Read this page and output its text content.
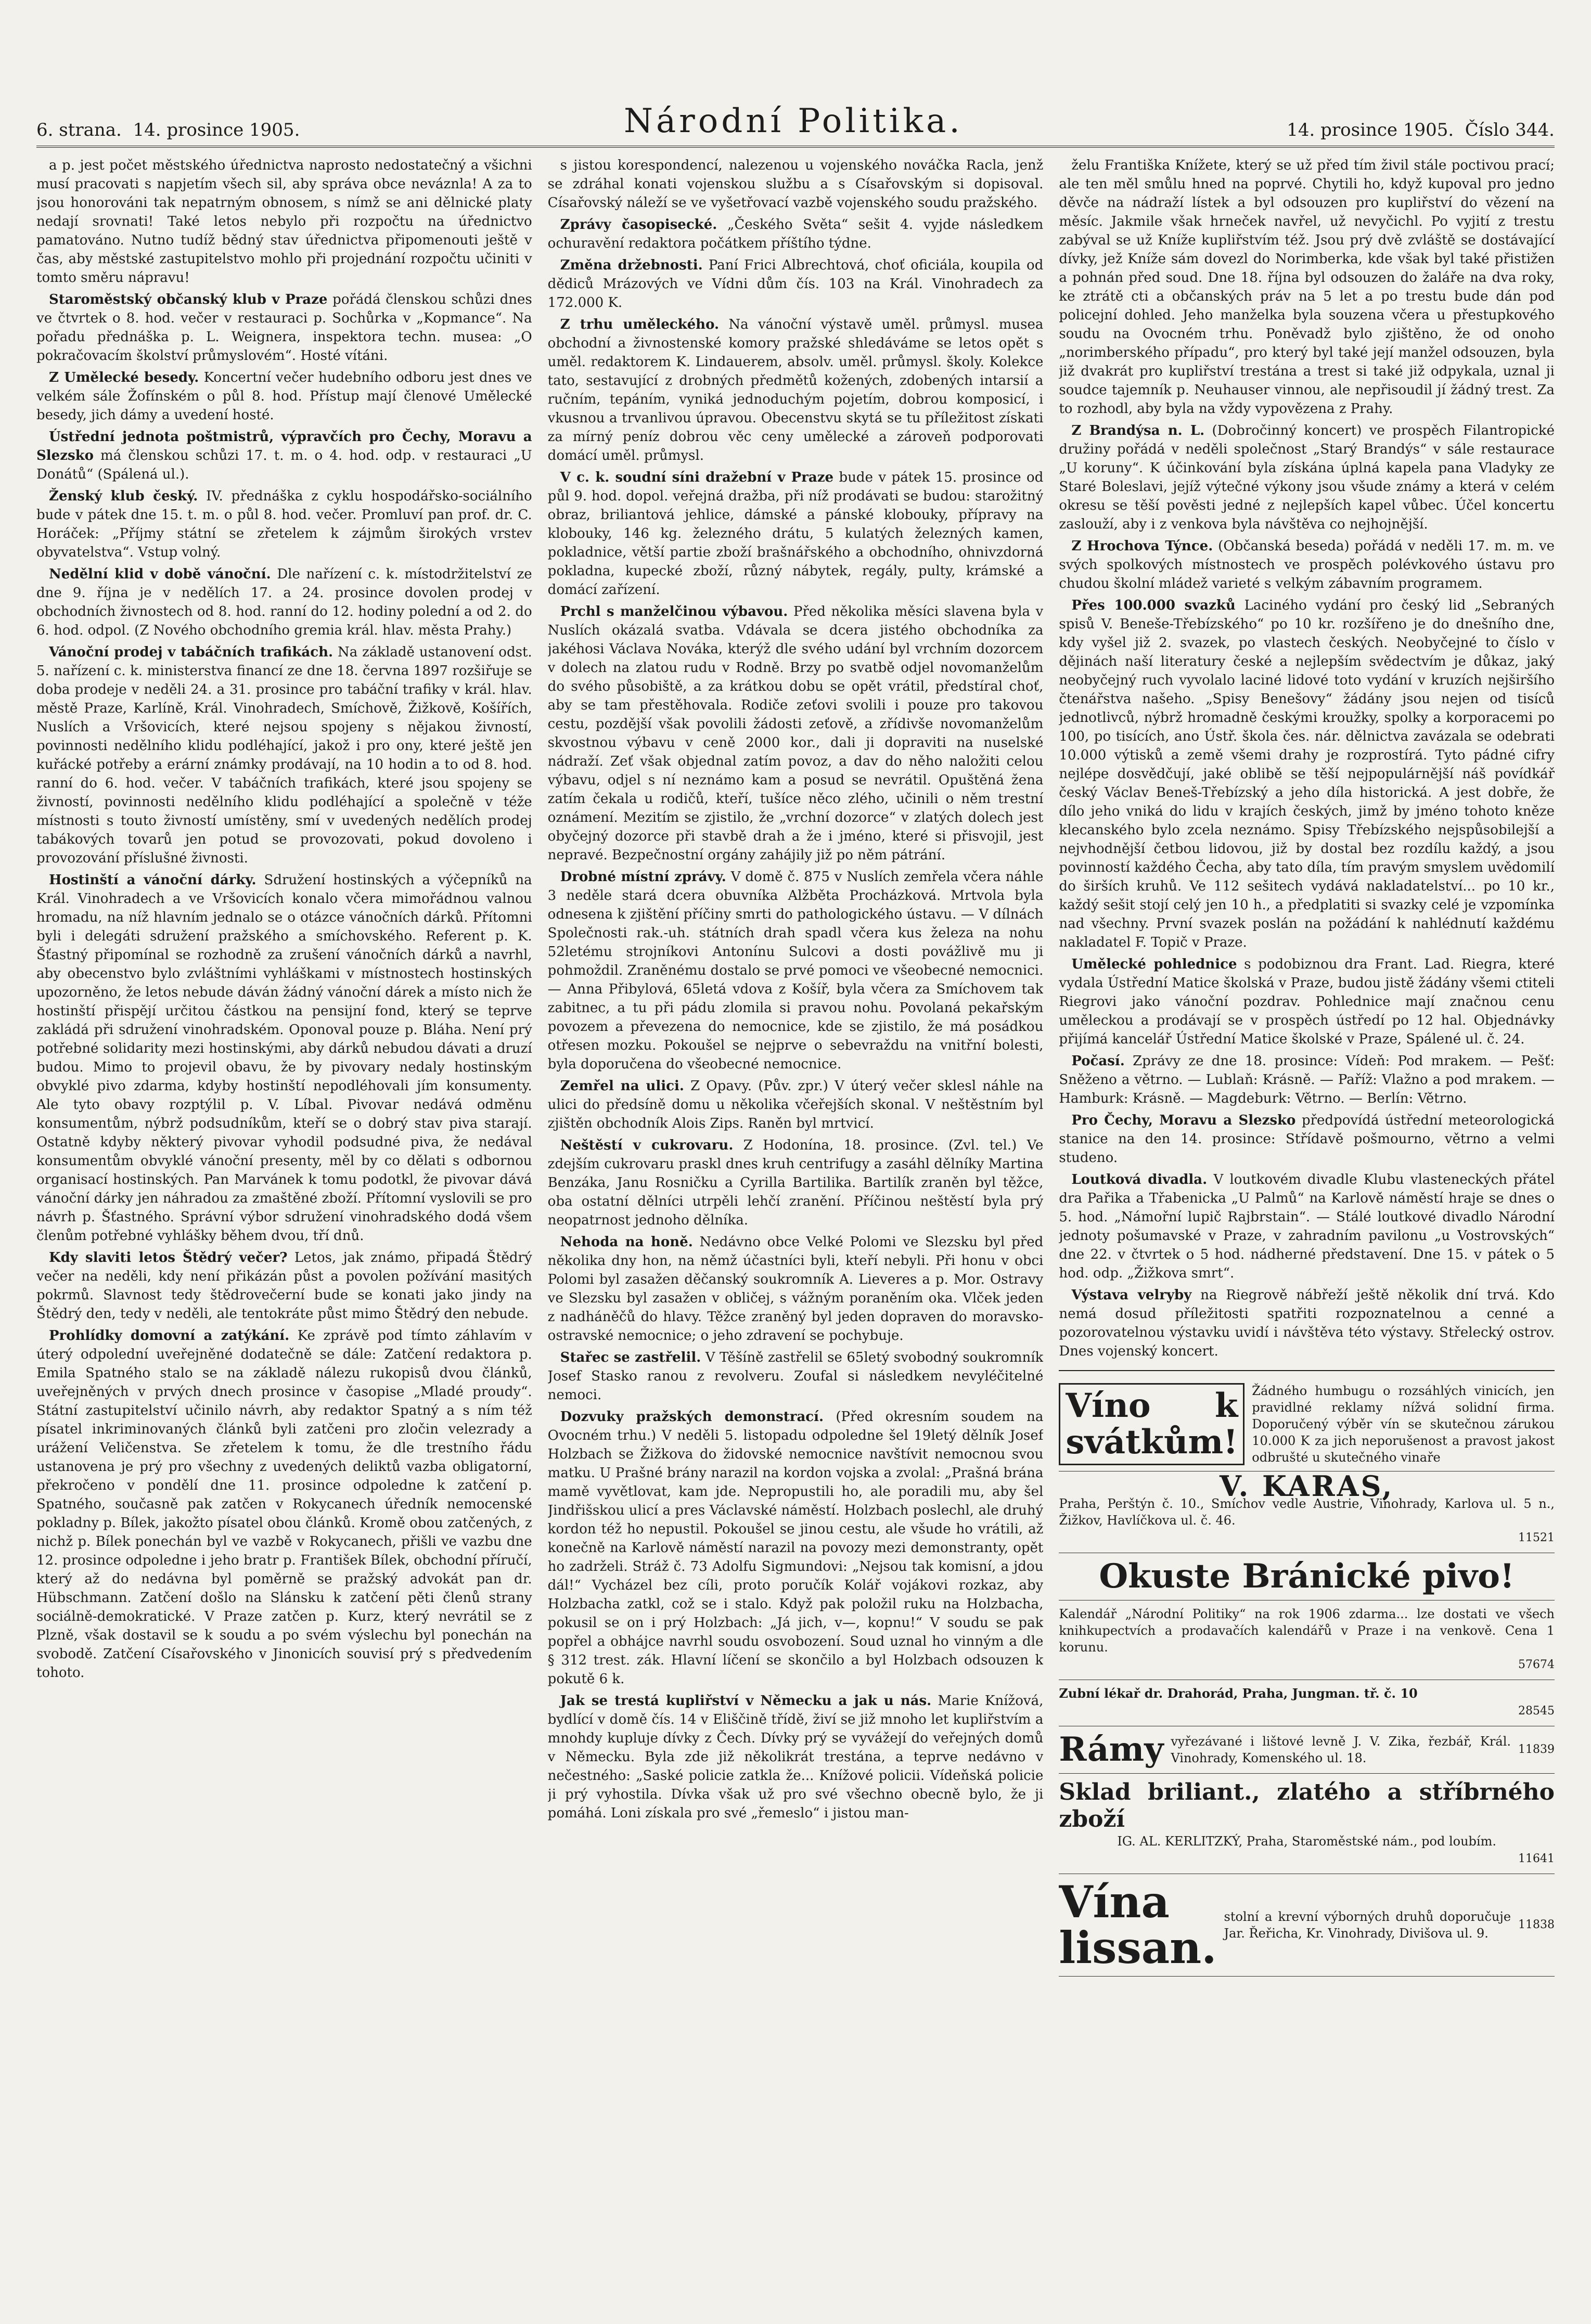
6. strana. 14. prosince 1905.	Národní Politika.	14. prosince 1905. Číslo 344.

a p. jest počet městského úřednictva naprosto nedostatečný a všichni musí pracovati s napjetím všech sil, aby správa obce neváznla! A za to jsou honorováni tak nepatrným obnosem, s nímž se ani dělnické platy nedají srovnati! Také letos nebylo při rozpočtu na úřednictvo pamatováno. Nutno tudíž bědný stav úřednictva připomenouti ještě v čas, aby městské zastupitelstvo mohlo při projednání rozpočtu učiniti v tomto směru nápravu!

Staroměstský občanský klub v Praze pořádá členskou schůzi dnes ve čtvrtek o 8. hod. večer v restauraci p. Sochůrka v „Kopmance“. Na pořadu přednáška p. L. Weignera, inspektora techn. musea: „O pokračovacím školství průmyslovém“. Hosté vítáni.

Z Umělecké besedy. Koncertní večer hudebního odboru jest dnes ve velkém sále Žofínském o půl 8. hod. Přístup mají členové Umělecké besedy, jich dámy a uvedení hosté.

Ústřední jednota poštmistrů, výpravčích pro Čechy, Moravu a Slezsko má členskou schůzi 17. t. m. o 4. hod. odp. v restauraci „U Donátů“ (Spálená ul.).

Ženský klub český. IV. přednáška z cyklu hospodářsko-sociálního bude v pátek dne 15. t. m. o půl 8. hod. večer. Promluví pan prof. dr. C. Horáček: „Příjmy státní se zřetelem k zájmům širokých vrstev obyvatelstva“. Vstup volný.

Nedělní klid v době vánoční. Dle nařízení c. k. místodržitelství ze dne 9. října je v nedělích 17. a 24. prosince dovolen prodej v obchodních živnostech od 8. hod. ranní do 12. hodiny polední a od 2. do 6. hod. odpol. (Z Nového obchodního gremia král. hlav. města Prahy.)

Vánoční prodej v tabáčních trafikách. Na základě ustanovení odst. 5. nařízení c. k. ministerstva financí ze dne 18. června 1897 rozšiřuje se doba prodeje v neděli 24. a 31. prosince pro tabáční trafiky v král. hlav. městě Praze, Karlíně, Král. Vinohradech, Smíchově, Žižkově, Košířích, Nuslích a Vršovicích, které nejsou spojeny s nějakou živností, povinnosti nedělního klidu podléhající, jakož i pro ony, které ještě jen kuřácké potřeby a erární známky prodávají, na 10 hodin a to od 8. hod. ranní do 6. hod. večer. V tabáčních trafikách, které jsou spojeny se živností, povinnosti nedělního klidu podléhající a společně v téže místnosti s touto živností umístěny, smí v uvedených nedělích prodej tabákových tovarů jen potud se provozovati, pokud dovoleno i provozování příslušné živnosti.

Hostinští a vánoční dárky. Sdružení hostinských a výčepníků na Král. Vinohradech a ve Vršovicích konalo včera mimořádnou valnou hromadu, na níž hlavním jednalo se o otázce vánočních dárků. Přítomni byli i delegáti sdružení pražského a smíchovského. Referent p. K. Šťastný připomínal se rozhodně za zrušení vánočních dárků a navrhl, aby obecenstvo bylo zvláštními vyhláškami v místnostech hostinských upozorněno, že letos nebude dáván žádný vánoční dárek a místo nich že hostinští přispějí určitou částkou na pensijní fond, který se teprve zakládá při sdružení vinohradském. Oponoval pouze p. Bláha. Není prý potřebné solidarity mezi hostinskými, aby dárků nebudou dávati a druzí budou. Mimo to projevil obavu, že by pivovary nedaly hostinským obvyklé pivo zdarma, kdyby hostinští nepodléhovali jím konsumenty. Ale tyto obavy rozptýlil p. V. Líbal. Pivovar nedává odměnu konsumentům, nýbrž podsudníkům, kteří se o dobrý stav piva starají. Ostatně kdyby některý pivovar vyhodil podsudné piva, že nedával konsumentům obvyklé vánoční presenty, měl by co dělati s odbornou organisací hostinských. Pan Marvánek k tomu podotkl, že pivovar dává vánoční dárky jen náhradou za zmaštěné zboží. Přítomní vyslovili se pro návrh p. Šťastného. Správní výbor sdružení vinohradského dodá všem členům potřebné vyhlášky během dvou, tří dnů.

Kdy slaviti letos Štědrý večer? Letos, jak známo, připadá Štědrý večer na neděli, kdy není přikázán půst a povolen požívání masitých pokrmů. Slavnost tedy štědrovečerní bude se konati jako jindy na Štědrý den, tedy v neděli, ale tentokráte půst mimo Štědrý den nebude.

Prohlídky domovní a zatýkání. Ke zprávě pod tímto záhlavím v úterý odpolední uveřejněné dodatečně se dále: Zatčení redaktora p. Emila Spatného stalo se na základě nálezu rukopisů dvou článků, uveřejněných v prvých dnech prosince v časopise „Mladé proudy“. Státní zastupitelství učinilo návrh, aby redaktor Spatný a s ním též písatel inkriminovaných článků byli zatčeni pro zločin velezrady a urážení Veličenstva. Se zřetelem k tomu, že dle trestního řádu ustanovena je prý pro všechny z uvedených deliktů vazba obligatorní, překročeno v pondělí dne 11. prosince odpoledne k zatčení p. Spatného, současně pak zatčen v Rokycanech úředník nemocenské pokladny p. Bílek, jakožto písatel obou článků. Kromě obou zatčených, z nichž p. Bílek ponechán byl ve vazbě v Rokycanech, přišli ve vazbu dne 12. prosince odpoledne i jeho bratr p. František Bílek, obchodní příručí, který až do nedávna byl poměrně se pražský advokát pan dr. Hübschmann. Zatčení došlo na Slánsku k zatčení pěti členů strany sociálně-demokratické. V Praze zatčen p. Kurz, který nevrátil se z Plzně, však dostavil se k soudu a po svém výslechu byl ponechán na svobodě. Zatčení Císařovského v Jinonicích souvisí prý s předvedením tohoto.

s jistou korespondencí, nalezenou u vojenského nováčka Racla, jenž se zdráhal konati vojenskou službu a s Císařovským si dopisoval. Císařovský náleží se ve vyšetřovací vazbě vojenského soudu pražského.

Zprávy časopisecké. „Českého Světa“ sešit 4. vyjde následkem ochuravění redaktora počátkem příštího týdne.

Změna držebnosti. Paní Frici Albrechtová, choť oficiála, koupila od dědiců Mrázových ve Vídni dům čís. 103 na Král. Vinohradech za 172.000 K.

Z trhu uměleckého. Na vánoční výstavě uměl. průmysl. musea obchodní a živnostenské komory pražské shledáváme se letos opět s uměl. redaktorem K. Lindauerem, absolv. uměl. průmysl. školy. Kolekce tato, sestavující z drobných předmětů kožených, zdobených intarsií a ručním, tepáním, vyniká jednoduchým pojetím, dobrou komposicí, i vkusnou a trvanlivou úpravou. Obecenstvu skytá se tu příležitost získati za mírný peníz dobrou věc ceny umělecké a zároveň podporovati domácí uměl. průmysl.

V c. k. soudní síni dražební v Praze bude v pátek 15. prosince od půl 9. hod. dopol. veřejná dražba, při níž prodávati se budou: starožitný obraz, briliantová jehlice, dámské a pánské klobouky, přípravy na klobouky, 146 kg. železného drátu, 5 kulatých železných kamen, pokladnice, větší partie zboží brašnářského a obchodního, ohnivzdorná pokladna, kupecké zboží, různý nábytek, regály, pulty, krámské a domácí zařízení.

Prchl s manželčinou výbavou. Před několika měsíci slavena byla v Nuslích okázalá svatba. Vdávala se dcera jistého obchodníka za jakéhosi Václava Nováka, kterýž dle svého udání byl vrchním dozorcem v dolech na zlatou rudu v Rodně. Brzy po svatbě odjel novomanželům do svého působiště, a za krátkou dobu se opět vrátil, předstíral choť, aby se tam přestěhovala. Rodiče zeťovi svolili i pouze pro takovou cestu, pozdější však povolili žádosti zeťově, a zřídivše novomanželům skvostnou výbavu v ceně 2000 kor., dali ji dopraviti na nuselské nádraží. Zeť však objednal zatím povoz, a dav do něho naložiti celou výbavu, odjel s ní neznámo kam a posud se nevrátil. Opuštěná žena zatím čekala u rodičů, kteří, tušíce něco zlého, učinili o něm trestní oznámení. Mezitím se zjistilo, že „vrchní dozorce“ v zlatých dolech jest obyčejný dozorce při stavbě drah a že i jméno, které si přisvojil, jest nepravé. Bezpečnostní orgány zahájily již po něm pátrání.

Drobné místní zprávy. V domě č. 875 v Nuslích zemřela včera náhle 3 neděle stará dcera obuvníka Alžběta Procházková. Mrtvola byla odnesena k zjištění příčiny smrti do pathologického ústavu. — V dílnách Společnosti rak.-uh. státních drah spadl včera kus železa na nohu 52letému strojníkovi Antonínu Sulcovi a dosti povážlivě mu ji pohmoždil. Zraněnému dostalo se prvé pomoci ve všeobecné nemocnici. — Anna Přibylová, 65letá vdova z Košíř, byla včera za Smíchovem tak zabitnec, a tu při pádu zlomila si pravou nohu. Povolaná pekařským povozem a převezena do nemocnice, kde se zjistilo, že má posádkou otřesen mozku. Pokoušel se nejprve o sebevraždu na vnitřní bolesti, byla doporučena do všeobecné nemocnice.

Zemřel na ulici. Z Opavy. (Pův. zpr.) V úterý večer sklesl náhle na ulici do předsíně domu u několika včeřejších skonal. V neštěstním byl zjištěn obchodník Alois Zips. Raněn byl mrtvicí.

Neštěstí v cukrovaru. Z Hodonína, 18. prosince. (Zvl. tel.) Ve zdejším cukrovaru praskl dnes kruh centrifugy a zasáhl dělníky Martina Benzáka, Janu Rosničku a Cyrilla Bartilika. Bartilík zraněn byl těžce, oba ostatní dělníci utrpěli lehčí zranění. Příčinou neštěstí byla prý neopatrnost jednoho dělníka.

Nehoda na honě. Nedávno obce Velké Polomi ve Slezsku byl před několika dny hon, na němž účastníci byli, kteří nebyli. Při honu v obci Polomi byl zasažen děčanský soukromník A. Lieveres a p. Mor. Ostravy ve Slezsku byl zasažen v obličej, s vážným poraněním oka. Vlček jeden z nadháněčů do hlavy. Těžce zraněný byl jeden dopraven do moravsko-ostravské nemocnice; o jeho zdravení se pochybuje.

Stařec se zastřelil. V Těšíně zastřelil se 65letý svobodný soukromník Josef Stasko ranou z revolveru. Zoufal si následkem nevyléčitelné nemoci.

Dozvuky pražských demonstrací. (Před okresním soudem na Ovocném trhu.) V neděli 5. listopadu odpoledne šel 19letý dělník Josef Holzbach se Žižkova do židovské nemocnice navštívit nemocnou svou matku. U Prašné brány narazil na kordon vojska a zvolal: „Prašná brána mamě vyvětlovat, kam jde. Nepropustili ho, ale poradili mu, aby šel Jindřišskou ulicí a pres Václavské náměstí. Holzbach poslechl, ale druhý kordon též ho nepustil. Pokoušel se jinou cestu, ale všude ho vrátili, až konečně na Karlově náměstí narazil na povozy mezi demonstranty, opět ho zadrželi. Stráž č. 73 Adolfu Sigmundovi: „Nejsou tak komisní, a jdou dál!“ Vycházel bez cíli, proto poručík Kolář vojákovi rozkaz, aby Holzbacha zatkl, což se i stalo. Když pak položil ruku na Holzbacha, pokusil se on i prý Holzbach: „Já jich, v—, kopnu!“ V soudu se pak popřel a obhájce navrhl soudu osvobození. Soud uznal ho vinným a dle § 312 trest. zák. Hlavní líčení se skončilo a byl Holzbach odsouzen k pokutě 6 k.

Jak se trestá kupliřství v Německu a jak u nás. Marie Knížová, bydlící v domě čís. 14 v Eliščině třídě, živí se již mnoho let kupliřstvím a mnohdy kupluje dívky z Čech. Dívky prý se vyvážejí do veřejných domů v Německu. Byla zde již několikrát trestána, a teprve nedávno v nečestného: „Saské policie zatkla že... Knížové policii. Vídeňská policie ji prý vyhostila. Dívka však už pro své všechno obecně bylo, že ji pomáhá. Loni získala pro své „řemeslo“ i jistou man-

želu Františka Knížete, který se už před tím živil stále poctivou prací; ale ten měl smůlu hned na poprvé. Chytili ho, když kupoval pro jedno děvče na nádraží lístek a byl odsouzen pro kupliřství do vězení na měsíc. Jakmile však hrneček navřel, už nevyčichl. Po vyjití z trestu zabýval se už Kníže kupliřstvím též. Jsou prý dvě zvláště se dostávající dívky, jež Kníže sám dovezl do Norimberka, kde však byl také přistižen a pohnán před soud. Dne 18. října byl odsouzen do žaláře na dva roky, ke ztrátě cti a občanských práv na 5 let a po trestu bude dán pod policejní dohled. Jeho manželka byla souzena včera u přestupkového soudu na Ovocném trhu. Poněvadž bylo zjištěno, že od onoho „norimberského případu“, pro který byl také její manžel odsouzen, byla již dvakrát pro kupliřství trestána a trest si také již odpykala, uznal ji soudce tajemník p. Neuhauser vinnou, ale nepřisoudil jí žádný trest. Za to rozhodl, aby byla na vždy vypovězena z Prahy.

Z Brandýsa n. L. (Dobročinný koncert) ve prospěch Filantropické družiny pořádá v neděli společnost „Starý Brandýs“ v sále restaurace „U koruny“. K účinkování byla získána úplná kapela pana Vladyky ze Staré Boleslavi, jejíž výtečné výkony jsou všude známy a která v celém okresu se těší pověsti jedné z nejlepších kapel vůbec. Účel koncertu zaslouží, aby i z venkova byla návštěva co nejhojnější.

Z Hrochova Týnce. (Občanská beseda) pořádá v neděli 17. m. m. ve svých spolkových místnostech ve prospěch polévkového ústavu pro chudou školní mládež varieté s velkým zábavním programem.

Přes 100.000 svazků Laciného vydání pro český lid „Sebraných spisů V. Beneše-Třebízského“ po 10 kr. rozšířeno je do dnešního dne, kdy vyšel již 2. svazek, po vlastech českých. Neobyčejné to číslo v dějinách naší literatury české a nejlepším svědectvím je důkaz, jaký neobyčejný ruch vyvolalo laciné lidové toto vydání v kruzích nejširšího čtenářstva našeho. „Spisy Benešovy“ žádány jsou nejen od tisíců jednotlivců, nýbrž hromadně českými kroužky, spolky a korporacemi po 100, po tisících, ano Ústř. škola čes. nár. dělnictva zavázala se odebrati 10.000 výtisků a země všemi drahy je rozprostírá. Tyto pádné cifry nejlépe dosvědčují, jaké oblibě se těší nejpopulárnější náš povídkář český Václav Beneš-Třebízský a jeho díla historická. A jest dobře, že dílo jeho vniká do lidu v krajích českých, jimž by jméno tohoto kněze klecanského bylo zcela neznámo. Spisy Třebízského nejspůsobilejší a nejvhodnější četbou lidovou, již by dostal bez rozdílu každý, a jsou povinností každého Čecha, aby tato díla, tím pravým smyslem uvědomilí do širších kruhů. Ve 112 sešitech vydává nakladatelství... po 10 kr., každý sešit stojí celý jen 10 h., a předplatiti si svazky celé je vzpomínka nad všechny. První svazek poslán na požádání k nahlédnutí každému nakladatel F. Topič v Praze.

Umělecké pohlednice s podobiznou dra Frant. Lad. Riegra, které vydala Ústřední Matice školská v Praze, budou jistě žádány všemi ctiteli Riegrovi jako vánoční pozdrav. Pohlednice mají značnou cenu uměleckou a prodávají se v prospěch ústředí po 12 hal. Objednávky přijímá kancelář Ústřední Matice školské v Praze, Spálené ul. č. 24.

Počasí. Zprávy ze dne 18. prosince: Vídeň: Pod mrakem. — Pešť: Sněženo a větrno. — Lublaň: Krásně. — Paříž: Vlažno a pod mrakem. — Hamburk: Krásně. — Magdeburk: Větrno. — Berlín: Větrno.

Pro Čechy, Moravu a Slezsko předpovídá ústřední meteorologická stanice na den 14. prosince: Střídavě pošmourno, větrno a velmi studeno.

Loutková divadla. V loutkovém divadle Klubu vlasteneckých přátel dra Pařika a Třabenicka „U Palmů“ na Karlově náměstí hraje se dnes o 5. hod. „Námořní lupič Rajbrstain“. — Stálé loutkové divadlo Národní jednoty pošumavské v Praze, v zahradním pavilonu „u Vostrovských“ dne 22. v čtvrtek o 5 hod. nádherné představení. Dne 15. v pátek o 5 hod. odp. „Žižkova smrt“.

Výstava velryby na Riegrově nábřeží ještě několik dní trvá. Kdo nemá dosud příležitosti spatřiti rozpoznatelnou a cenné a pozorovatelnou výstavku uvidí i návštěva této výstavy. Střelecký ostrov. Dnes vojenský koncert.

Víno k svátkům!
Žádného humbugu o rozsáhlých vinicích, jen pravidlné reklamy nížvá solidní firma. Doporučený výběr vín se skutečnou zárukou 10.000 K za jich neporušenost a pravost jakost odbrušté u skutečného vinaře
V. KARAS,
Praha, Perštýn č. 10., Smíchov vedle Austrie, Vinohrady, Karlova ul. 5 n., Žižkov, Havlíčkova ul. č. 46.
11521
Okuste Bránické pivo!
Kalendář „Národní Politiky“ na rok 1906 zdarma... lze dostati ve všech knihkupectvích a prodavačích kalendářů v Praze i na venkově. Cena 1 korunu.
57674
Zubní lékař dr. Drahorád, Praha, Jungman. tř. č. 10
28545
Rámy vyřezávané i lištové levně J. V. Zika, řezbář, Král. Vinohrady, Komenského ul. 18.
11839
Sklad briliant., zlatého a stříbrného zboží
IG. AL. KERLITZKÝ, Praha, Staroměstské nám., pod loubím.
11641
Vína lissan.
stolní a krevní výborných druhů doporučuje Jar. Řeřicha, Kr. Vinohrady, Divišova ul. 9.
11838
